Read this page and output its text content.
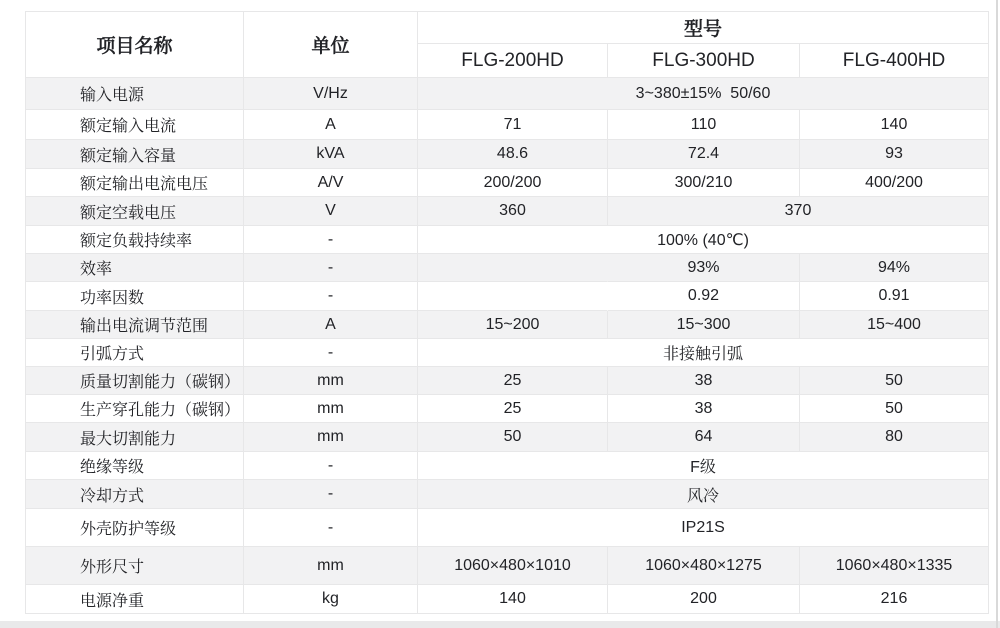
项目名称	单位	型号		
		FLG-200HD	FLG-300HD	FLG-400HD
输入电源	V/Hz	3~380±15%  50/60		
额定输入电流	A	71	110	140
额定输入容量	kVA	48.6	72.4	93
额定输出电流电压	A/V	200/200	300/210	400/200
额定空载电压	V	360	370	
额定负载持续率	-	100% (40℃)		
效率	-		93%	94%
功率因数	-		0.92	0.91
输出电流调节范围	A	15~200	15~300	15~400
引弧方式	-	非接触引弧		
质量切割能力（碳钢）	mm	25	38	50
生产穿孔能力（碳钢）	mm	25	38	50
最大切割能力	mm	50	64	80
绝缘等级	-	F级		
冷却方式	-	风冷		
外壳防护等级	-	IP21S		
外形尺寸	mm	1060×480×1010	1060×480×1275	1060×480×1335
电源净重	kg	140	200	216
